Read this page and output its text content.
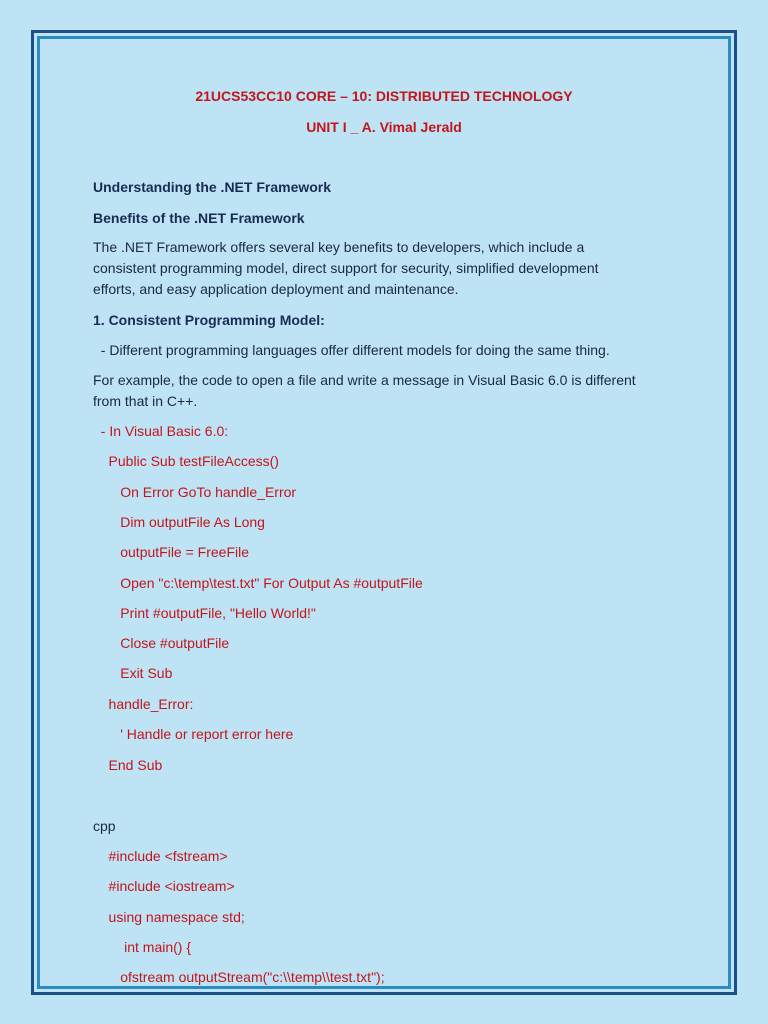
21UCS53CC10 CORE – 10: DISTRIBUTED TECHNOLOGY
UNIT I _ A. Vimal Jerald
Understanding the .NET Framework
Benefits of the .NET Framework
The .NET Framework offers several key benefits to developers, which include a
consistent programming model, direct support for security, simplified development
efforts, and easy application deployment and maintenance.
1. Consistent Programming Model:
- Different programming languages offer different models for doing the same thing.
For example, the code to open a file and write a message in Visual Basic 6.0 is different
from that in C++.
- In Visual Basic 6.0:
Public Sub testFileAccess()
On Error GoTo handle_Error
Dim outputFile As Long
outputFile = FreeFile
Open "c:\temp\test.txt" For Output As #outputFile
Print #outputFile, "Hello World!"
Close #outputFile
Exit Sub
handle_Error:
' Handle or report error here
End Sub
cpp
#include <fstream>
#include <iostream>
using namespace std;
int main() {
ofstream outputStream("c:\\temp\\test.txt");
